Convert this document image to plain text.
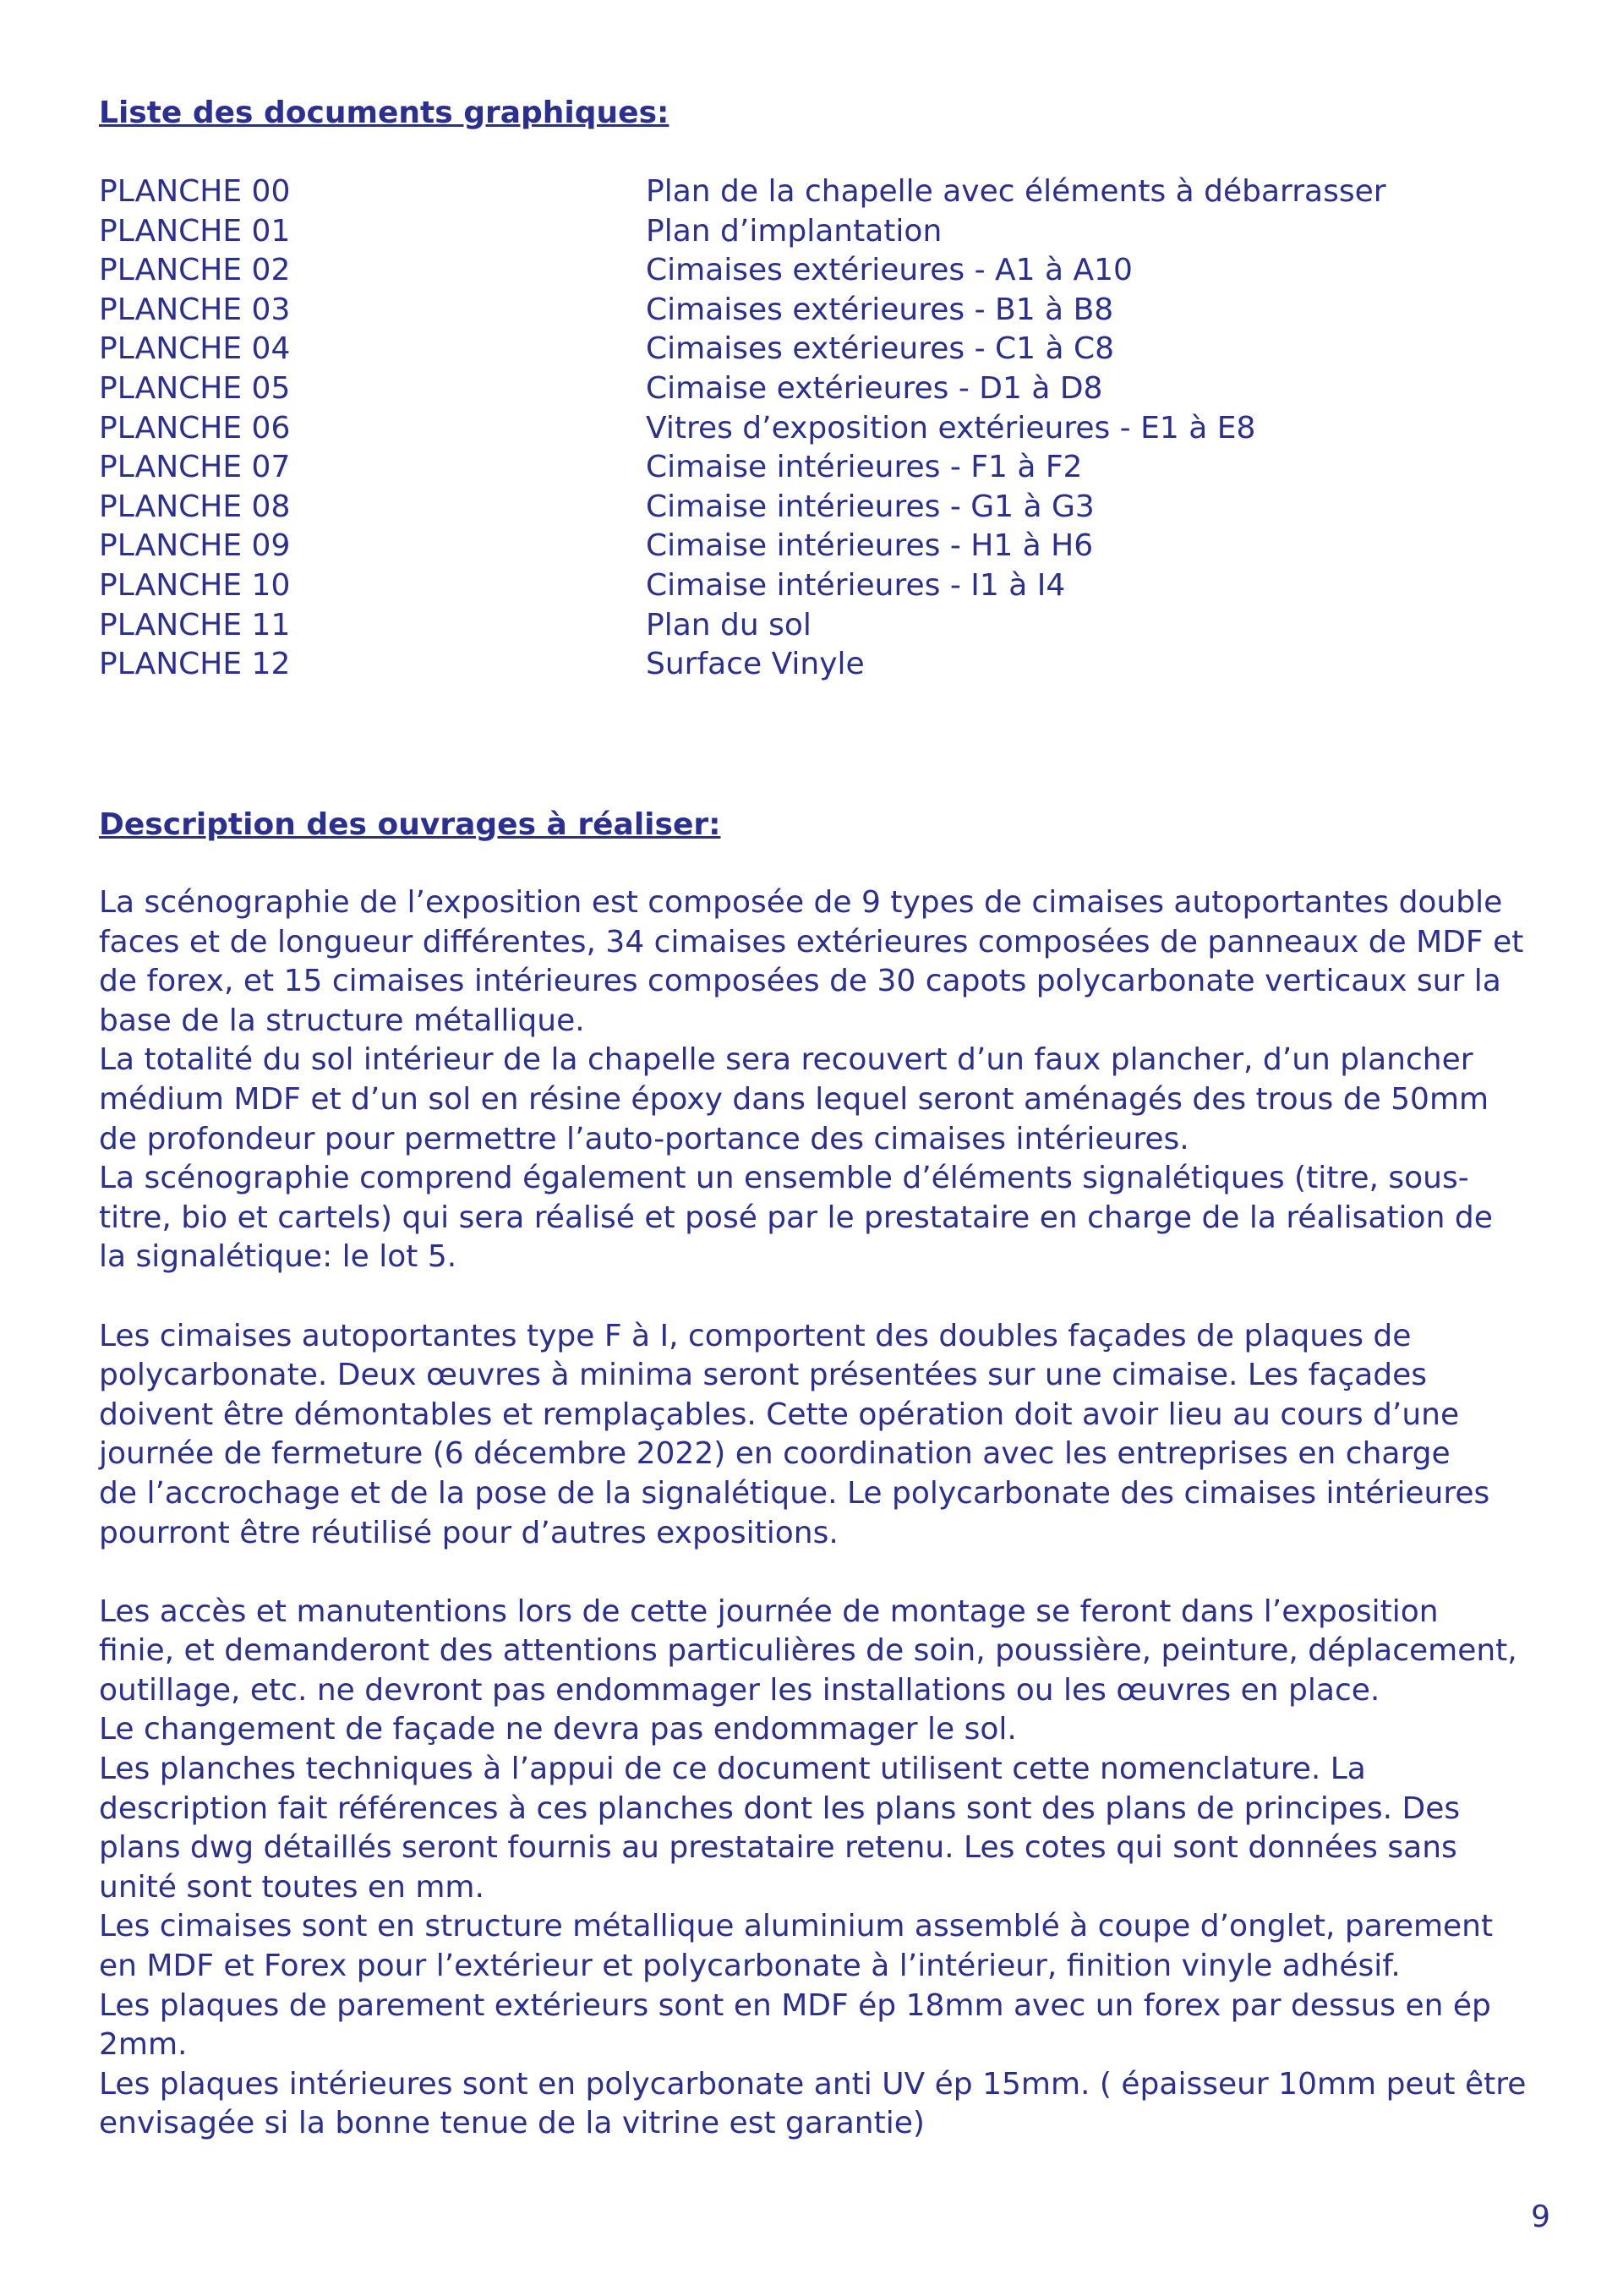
Liste des documents graphiques:
PLANCHE 00	Plan de la chapelle avec éléments à débarrasser
PLANCHE 01	Plan d’implantation
PLANCHE 02	Cimaises extérieures - A1 à A10
PLANCHE 03	Cimaises extérieures - B1 à B8
PLANCHE 04	Cimaises extérieures - C1 à C8
PLANCHE 05	Cimaise extérieures - D1 à D8
PLANCHE 06	Vitres d’exposition extérieures - E1 à E8
PLANCHE 07	Cimaise intérieures - F1 à F2
PLANCHE 08	Cimaise intérieures - G1 à G3
PLANCHE 09	Cimaise intérieures - H1 à H6
PLANCHE 10	Cimaise intérieures - I1 à I4
PLANCHE 11	Plan du sol
PLANCHE 12	Surface Vinyle
Description des ouvrages à réaliser:

La scénographie de l’exposition est composée de 9 types de cimaises autoportantes double

faces et de longueur différentes, 34 cimaises extérieures composées de panneaux de MDF et

de forex, et 15 cimaises intérieures composées de 30 capots polycarbonate verticaux sur la

base de la structure métallique.

La totalité du sol intérieur de la chapelle sera recouvert d’un faux plancher, d’un plancher

médium MDF et d’un sol en résine époxy dans lequel seront aménagés des trous de 50mm

de profondeur pour permettre l’auto-portance des cimaises intérieures.

La scénographie comprend également un ensemble d’éléments signalétiques (titre, sous-

titre, bio et cartels) qui sera réalisé et posé par le prestataire en charge de la réalisation de

la signalétique: le lot 5.

Les cimaises autoportantes type F à I, comportent des doubles façades de plaques de

polycarbonate. Deux œuvres à minima seront présentées sur une cimaise. Les façades

doivent être démontables et remplaçables. Cette opération doit avoir lieu au cours d’une

journée de fermeture (6 décembre 2022) en coordination avec les entreprises en charge

de l’accrochage et de la pose de la signalétique. Le polycarbonate des cimaises intérieures

pourront être réutilisé pour d’autres expositions.

Les accès et manutentions lors de cette journée de montage se feront dans l’exposition

finie, et demanderont des attentions particulières de soin, poussière, peinture, déplacement,

outillage, etc. ne devront pas endommager les installations ou les œuvres en place.

Le changement de façade ne devra pas endommager le sol.

Les planches techniques à l’appui de ce document utilisent cette nomenclature. La

description fait références à ces planches dont les plans sont des plans de principes. Des

plans dwg détaillés seront fournis au prestataire retenu. Les cotes qui sont données sans

unité sont toutes en mm.

Les cimaises sont en structure métallique aluminium assemblé à coupe d’onglet, parement

en MDF et Forex pour l’extérieur et polycarbonate à l’intérieur, finition vinyle adhésif.

Les plaques de parement extérieurs sont en MDF ép 18mm avec un forex par dessus en ép

2mm.

Les plaques intérieures sont en polycarbonate anti UV ép 15mm. ( épaisseur 10mm peut être

envisagée si la bonne tenue de la vitrine est garantie)

9
